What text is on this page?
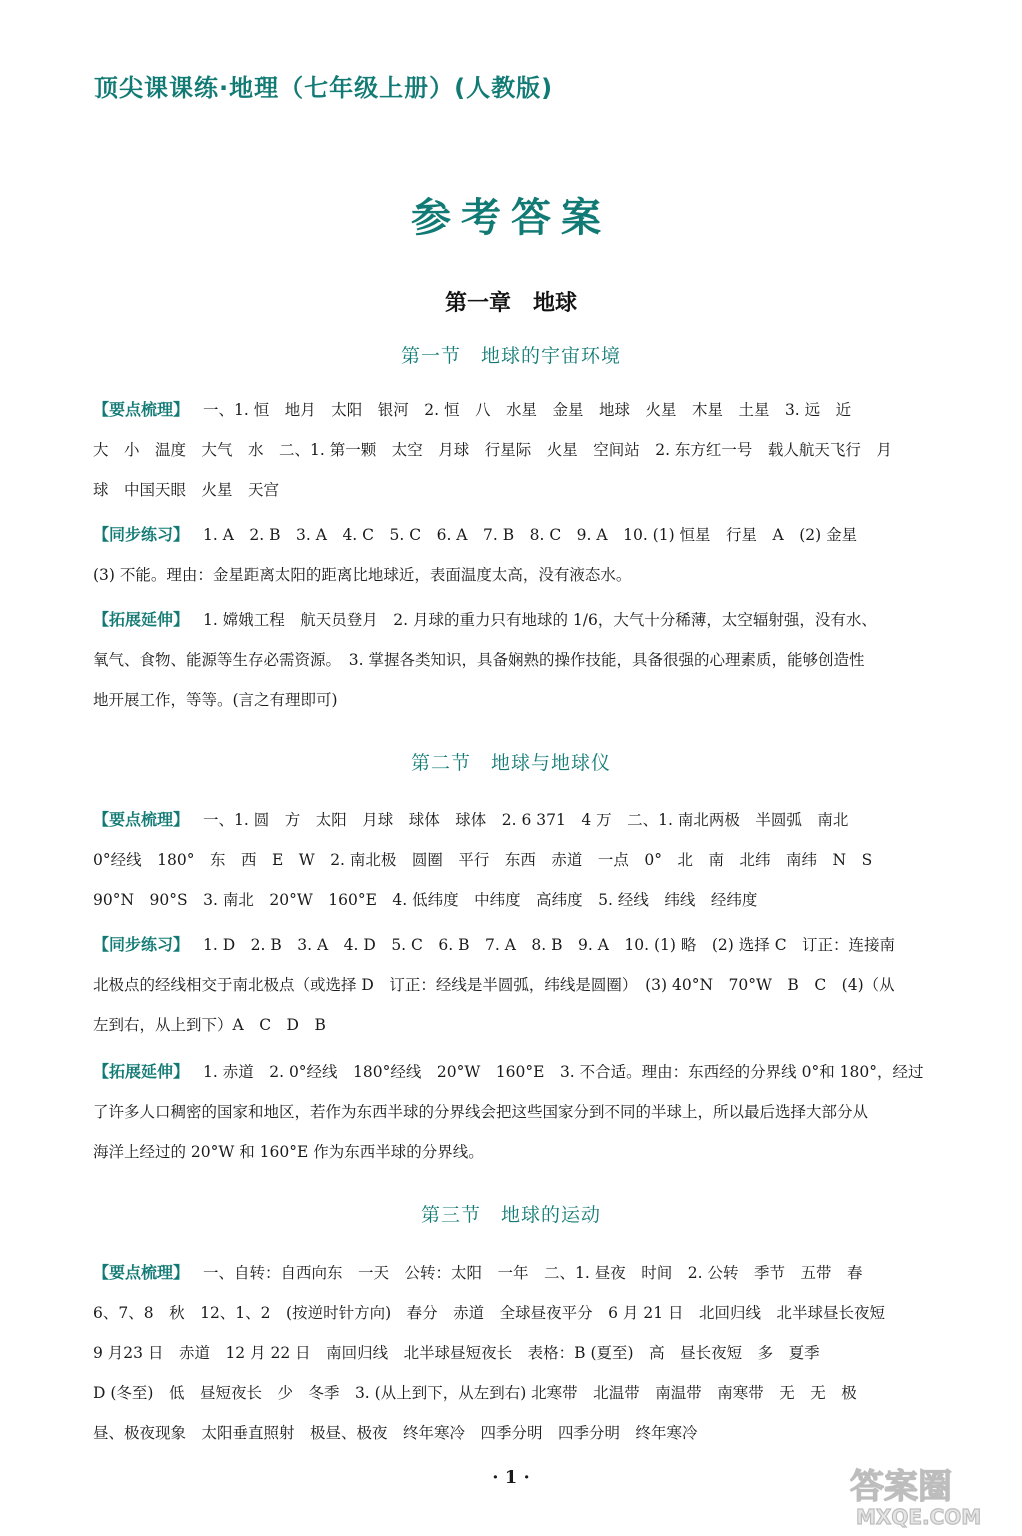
顶尖课课练·地理（七年级上册）(人教版)
参考答案
第一章　地球
第一节　地球的宇宙环境
【要点梳理】 一、1. 恒　地月　太阳　银河　2. 恒　八　水星　金星　地球　火星　木星　土星　3. 远　近
大　小　温度　大气　水　二、1. 第一颗　太空　月球　行星际　火星　空间站　2. 东方红一号　载人航天飞行　月
球　中国天眼　火星　天宫
【同步练习】 1. A　2. B　3. A　4. C　5. C　6. A　7. B　8. C　9. A　10. (1) 恒星　行星　A　(2) 金星
(3) 不能。理由：金星距离太阳的距离比地球近，表面温度太高，没有液态水。
【拓展延伸】 1. 嫦娥工程　航天员登月　2. 月球的重力只有地球的 1/6，大气十分稀薄，太空辐射强，没有水、
氧气、食物、能源等生存必需资源。　3. 掌握各类知识，具备娴熟的操作技能，具备很强的心理素质，能够创造性
地开展工作，等等。(言之有理即可)
第二节　地球与地球仪
【要点梳理】 一、1. 圆　方　太阳　月球　球体　球体　2. 6 371　4 万　二、1. 南北两极　半圆弧　南北
0°经线　180°　东　西　E　W　2. 南北极　圆圈　平行　东西　赤道　一点　0°　北　南　北纬　南纬　N　S
90°N　90°S　3. 南北　20°W　160°E　4. 低纬度　中纬度　高纬度　5. 经线　纬线　经纬度
【同步练习】 1. D　2. B　3. A　4. D　5. C　6. B　7. A　8. B　9. A　10. (1) 略　(2) 选择 C　订正：连接南
北极点的经线相交于南北极点（或选择 D　订正：经线是半圆弧，纬线是圆圈）　(3) 40°N　70°W　B　C　(4)（从
左到右，从上到下）A　C　D　B
【拓展延伸】 1. 赤道　2. 0°经线　180°经线　20°W　160°E　3. 不合适。理由：东西经的分界线 0°和 180°，经过
了许多人口稠密的国家和地区，若作为东西半球的分界线会把这些国家分到不同的半球上，所以最后选择大部分从
海洋上经过的 20°W 和 160°E 作为东西半球的分界线。
第三节　地球的运动
【要点梳理】 一、自转：自西向东　一天　公转：太阳　一年　二、1. 昼夜　时间　2. 公转　季节　五带　春
6、7、8　秋　12、1、2　(按逆时针方向)　春分　赤道　全球昼夜平分　6 月 21 日　北回归线　北半球昼长夜短
9 月23 日　赤道　12 月 22 日　南回归线　北半球昼短夜长　表格：B (夏至)　高　昼长夜短　多　夏季
D (冬至)　低　昼短夜长　少　冬季　3. (从上到下，从左到右) 北寒带　北温带　南温带　南寒带　无　无　极
昼、极夜现象　太阳垂直照射　极昼、极夜　终年寒冷　四季分明　四季分明　终年寒冷
· 1 ·	答案圈
MXQE.COM
